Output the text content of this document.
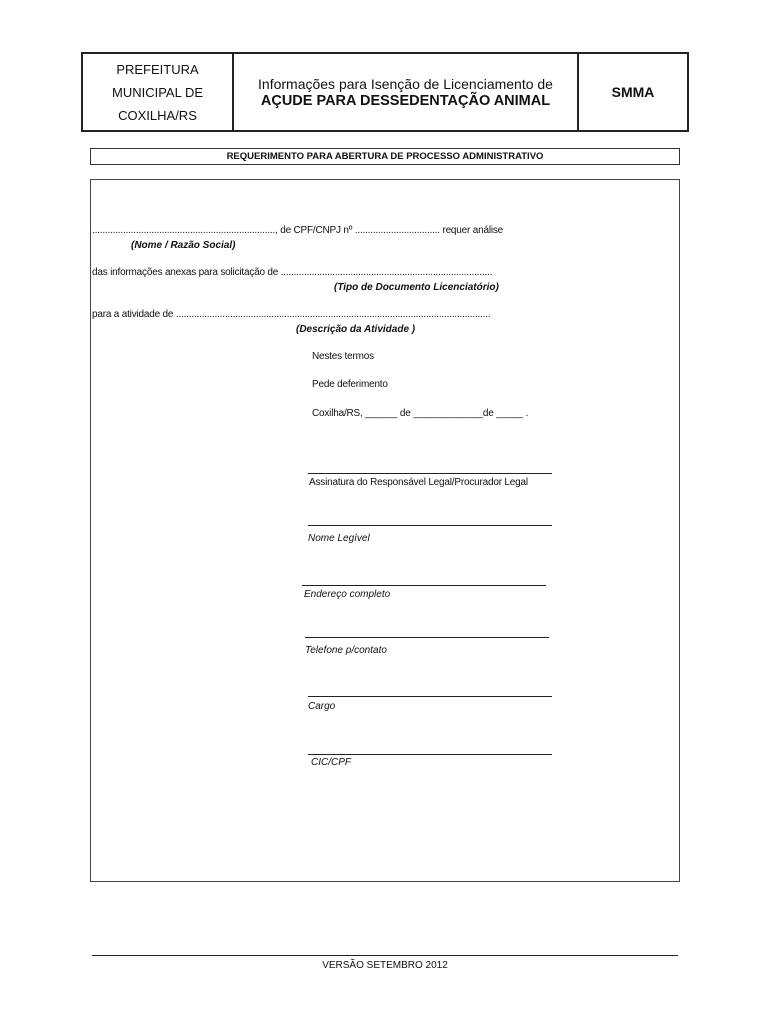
PREFEITURA
MUNICIPAL DE
COXILHA/RS
Informações para Isenção de Licenciamento de
AÇUDE PARA DESSEDENTAÇÃO ANIMAL
SMMA
REQUERIMENTO PARA ABERTURA DE PROCESSO ADMINISTRATIVO
......................................................................., de CPF/CNPJ nº ................................. requer análise
(Nome / Razão Social)
das informações anexas para solicitação de ..................................................................................
(Tipo de Documento Licenciatório)
para a atividade de ..........................................................................................................................
(Descrição da Atividade )
Nestes termos
Pede deferimento
Coxilha/RS, ______ de _____________de _____ .
Assinatura do Responsável Legal/Procurador Legal
Nome Legível
Endereço completo
Telefone p/contato
Cargo
CIC/CPF
VERSÃO SETEMBRO 2012
